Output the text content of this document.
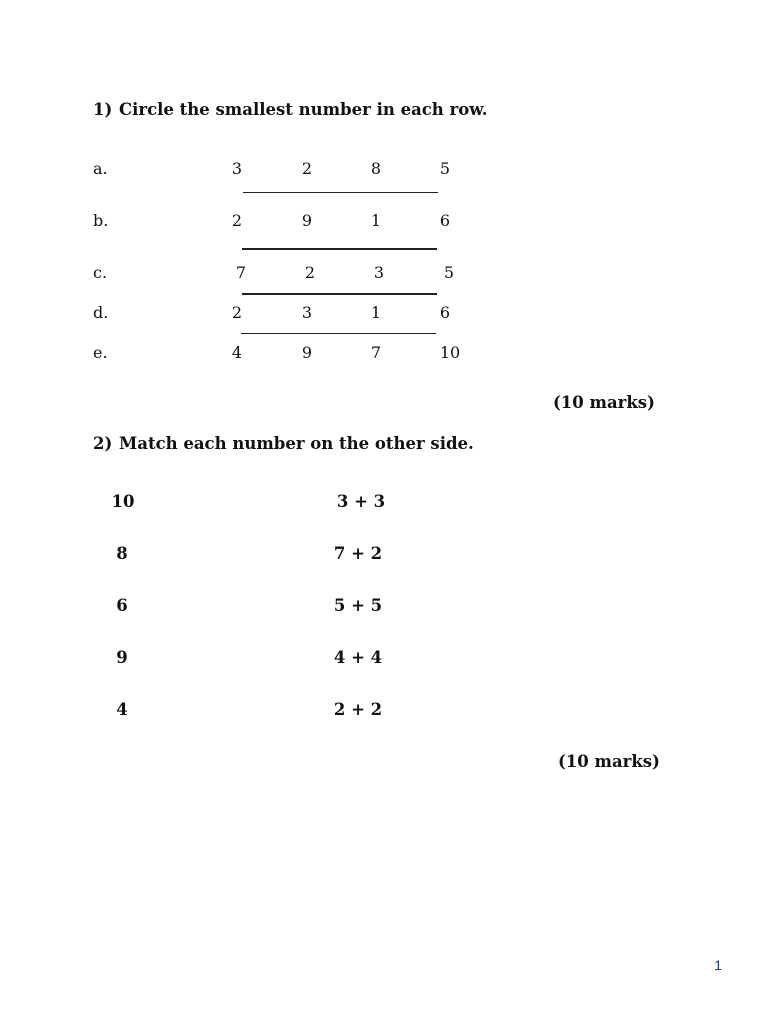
1) Circle the smallest number in each row.
a.	3	2	8	5
b.	2	9	1	6
c.	7	2	3	5
d.	2	3	1	6
e.	4	9	7	10
(10 marks)
2) Match each number on the other side.
10	3 + 3
8	7 + 2
6	5 + 5
9	4 + 4
4	2 + 2
(10 marks)
1
